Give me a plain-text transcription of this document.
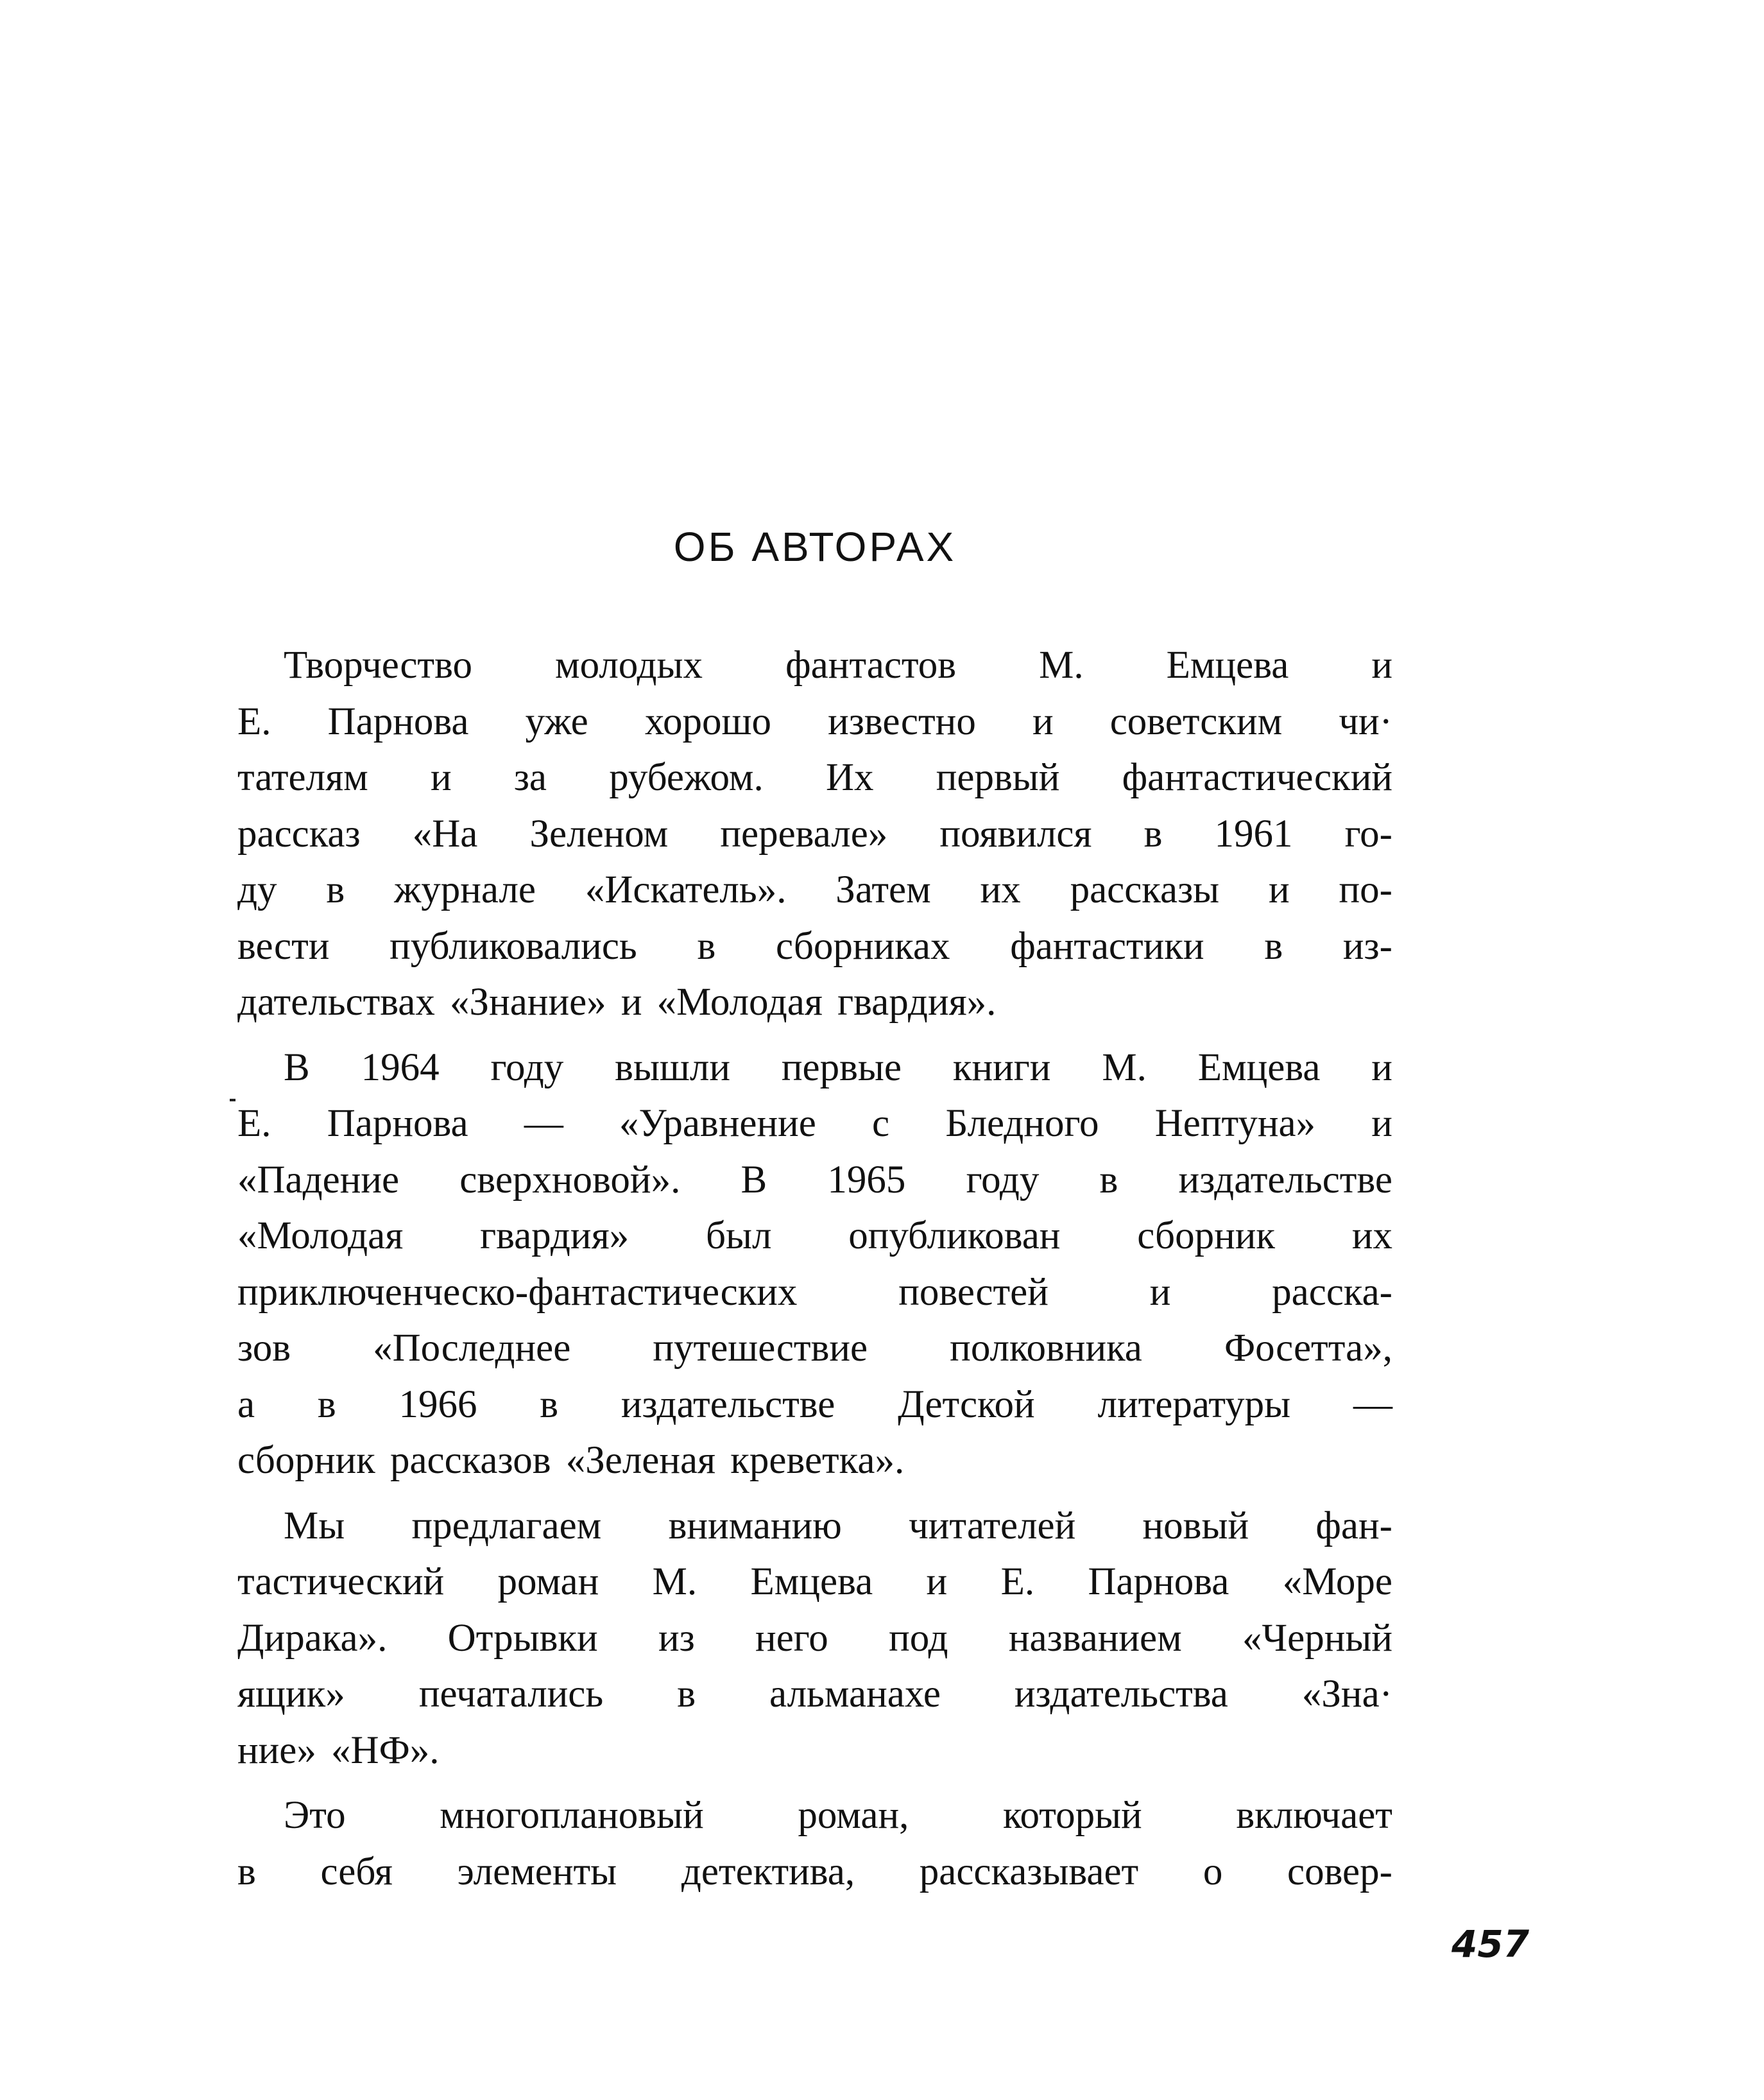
ОБ АВТОРАХ
Творчество молодых фантастов М. Емцева и
Е. Парнова уже хорошо известно и советским чи·
тателям и за рубежом. Их первый фантастический
рассказ «На Зеленом перевале» появился в 1961 го-
ду в журнале «Искатель». Затем их рассказы и по-
вести публиковались в сборниках фантастики в из-
дательствах «Знание» и «Молодая гвардия».
В 1964 году вышли первые книги М. Емцева и
Е. Парнова — «Уравнение с Бледного Нептуна» и
«Падение сверхновой». В 1965 году в издательстве
«Молодая гвардия» был опубликован сборник их
приключенческо-фантастических	повестей	и	расска-
зов «Последнее путешествие полковника Фосетта»,
а в 1966 в издательстве Детской литературы —
сборник рассказов «Зеленая креветка».
Мы предлагаем вниманию читателей новый фан-
тастический роман М. Емцева и Е. Парнова «Море
Дирака». Отрывки из него под названием «Черный
ящик» печатались в альманахе издательства «Зна·
ние» «НФ».
Это многоплановый роман, который включает
в себя элементы детектива, рассказывает о совер-
457
